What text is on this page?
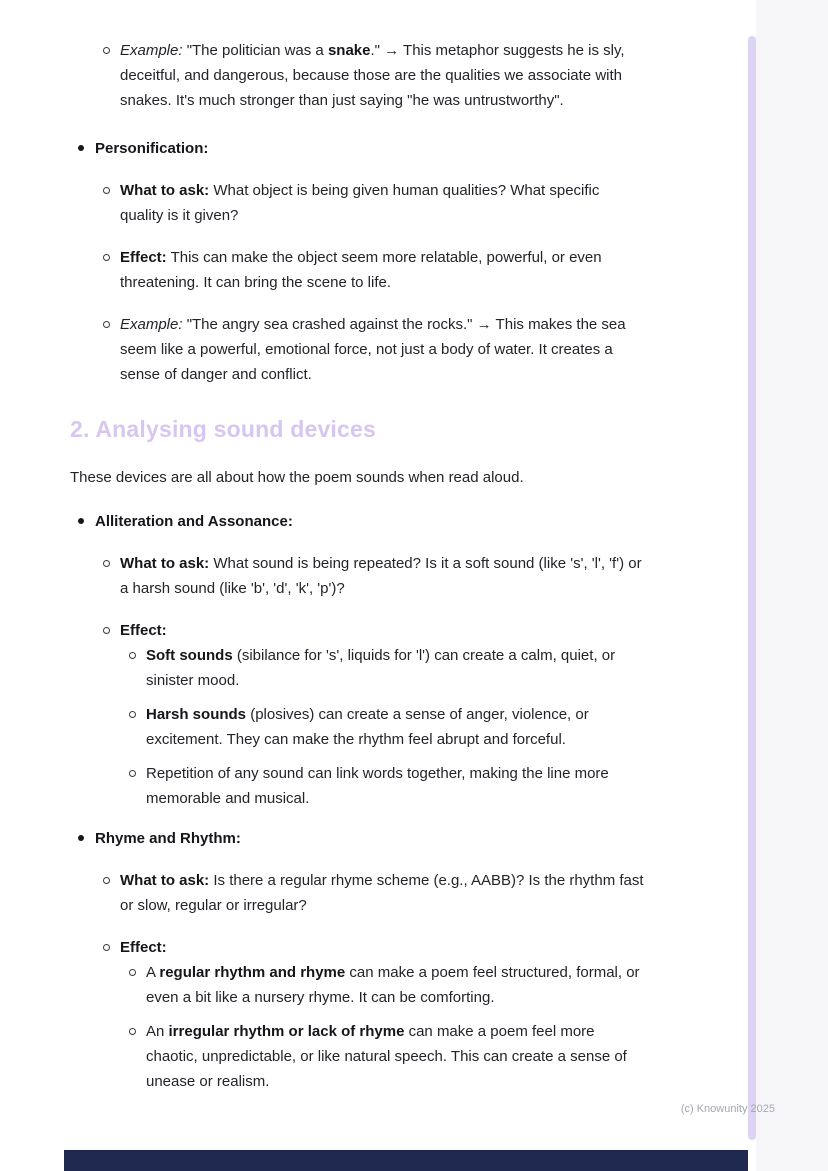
Example: "The politician was a snake." → This metaphor suggests he is sly, deceitful, and dangerous, because those are the qualities we associate with snakes. It's much stronger than just saying "he was untrustworthy".
Personification:
What to ask: What object is being given human qualities? What specific quality is it given?
Effect: This can make the object seem more relatable, powerful, or even threatening. It can bring the scene to life.
Example: "The angry sea crashed against the rocks." → This makes the sea seem like a powerful, emotional force, not just a body of water. It creates a sense of danger and conflict.
2. Analysing sound devices

These devices are all about how the poem sounds when read aloud.

Alliteration and Assonance:
What to ask: What sound is being repeated? Is it a soft sound (like 's', 'l', 'f') or a harsh sound (like 'b', 'd', 'k', 'p')?
Effect:
Soft sounds (sibilance for 's', liquids for 'l') can create a calm, quiet, or sinister mood.
Harsh sounds (plosives) can create a sense of anger, violence, or excitement. They can make the rhythm feel abrupt and forceful.
Repetition of any sound can link words together, making the line more memorable and musical.
Rhyme and Rhythm:
What to ask: Is there a regular rhyme scheme (e.g., AABB)? Is the rhythm fast or slow, regular or irregular?
Effect:
A regular rhythm and rhyme can make a poem feel structured, formal, or even a bit like a nursery rhyme. It can be comforting.
An irregular rhythm or lack of rhyme can make a poem feel more chaotic, unpredictable, or like natural speech. This can create a sense of unease or realism.
(c) Knowunity 2025
